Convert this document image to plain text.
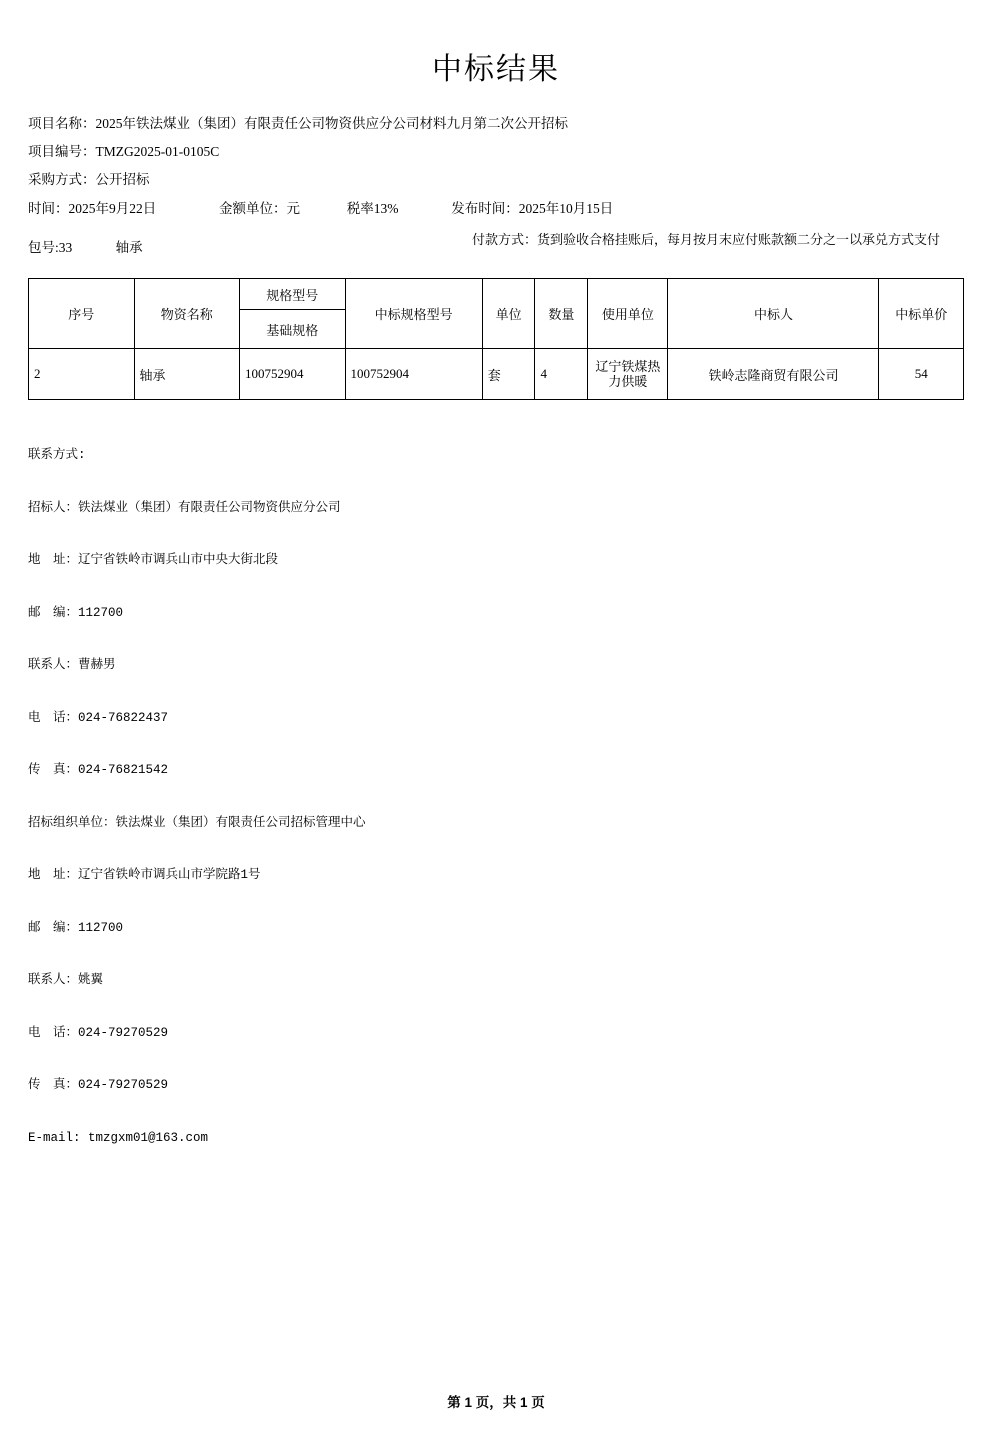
中标结果
项目名称：2025年铁法煤业（集团）有限责任公司物资供应分公司材料九月第二次公开招标
项目编号：TMZG2025-01-0105C
采购方式：公开招标
时间：2025年9月22日	金额单位：元	税率13%	发布时间：2025年10月15日
包号:33	轴承
付款方式：货到验收合格挂账后，每月按月末应付账款额二分之一以承兑方式支付
序号	物资名称	规格型号	中标规格型号	单位	数量	使用单位	中标人	中标单价
		基础规格						
2	轴承	100752904	100752904	套	4	辽宁铁煤热力供暖	铁岭志隆商贸有限公司	54

联系方式:

招标人：铁法煤业（集团）有限责任公司物资供应分公司

地　址：辽宁省铁岭市调兵山市中央大街北段

邮　编：112700

联系人：曹赫男

电　话：024-76822437

传　真：024-76821542

招标组织单位：铁法煤业（集团）有限责任公司招标管理中心

地　址：辽宁省铁岭市调兵山市学院路1号

邮　编：112700

联系人：姚翼

电　话：024-79270529

传　真：024-79270529

E-mail: tmzgxm01@163.com

第 1 页，共 1 页
